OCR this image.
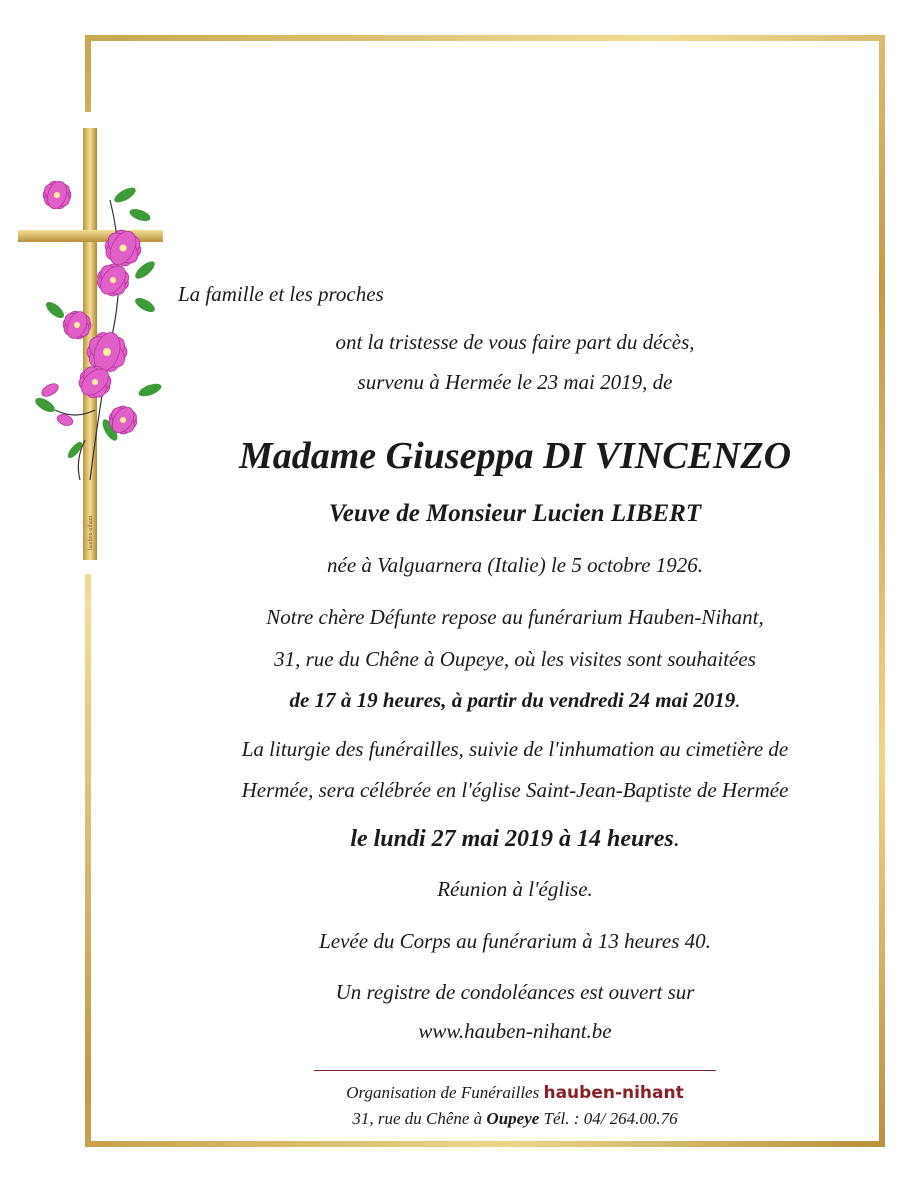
hauben-nihant
La famille et les proches
ont la tristesse de vous faire part du décès,
survenu à Hermée le 23 mai 2019, de
Madame Giuseppa DI VINCENZO
Veuve de Monsieur Lucien LIBERT
née à Valguarnera (Italie) le 5 octobre 1926.
Notre chère Défunte repose au funérarium Hauben-Nihant,
31, rue du Chêne à Oupeye, où les visites sont souhaitées
de 17 à 19 heures, à partir du vendredi 24 mai 2019.
La liturgie des funérailles, suivie de l'inhumation au cimetière de
Hermée, sera célébrée en l'église Saint-Jean-Baptiste de Hermée
le lundi 27 mai 2019 à 14 heures.
Réunion à l'église.
Levée du Corps au funérarium à 13 heures 40.
Un registre de condoléances est ouvert sur
www.hauben-nihant.be
Organisation de Funérailles hauben-nihant
31, rue du Chêne à Oupeye Tél. : 04/ 264.00.76
